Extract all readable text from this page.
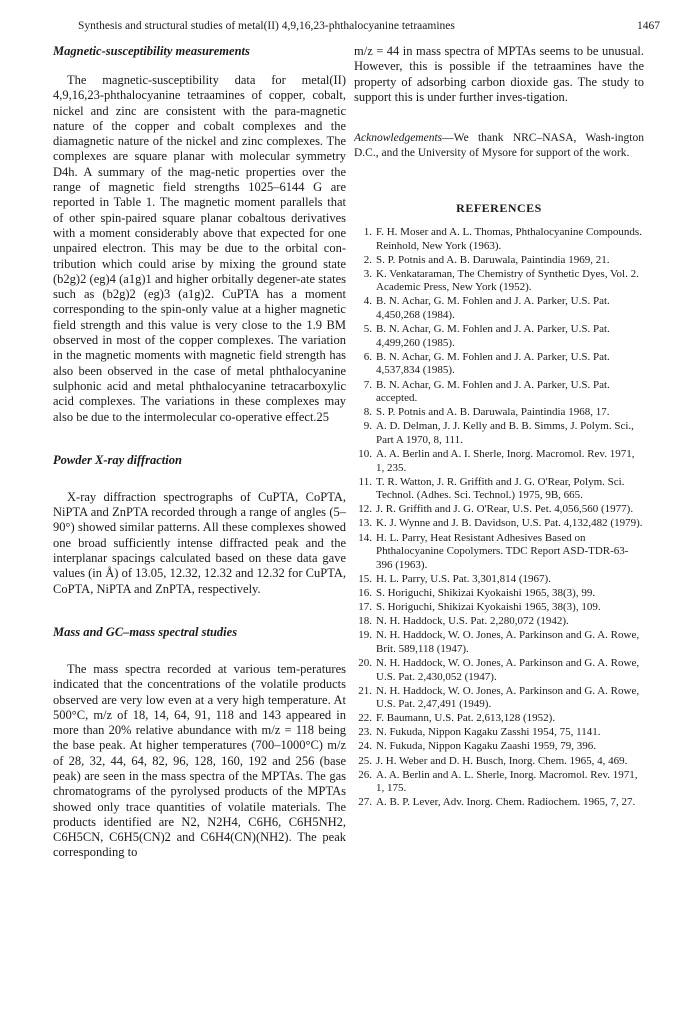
Synthesis and structural studies of metal(II) 4,9,16,23-phthalocyanine tetraamines	1467
Magnetic-susceptibility measurements

The magnetic-susceptibility data for metal(II) 4,9,16,23-phthalocyanine tetraamines of copper, cobalt, nickel and zinc are consistent with the para-magnetic nature of the copper and cobalt complexes and the diamagnetic nature of the nickel and zinc complexes. The complexes are square planar with molecular symmetry D4h. A summary of the mag-netic properties over the range of magnetic field strengths 1025–6144 G are reported in Table 1. The magnetic moment parallels that of other spin-paired square planar cobaltous derivatives with a moment considerably above that expected for one unpaired electron. This may be due to the orbital con-tribution which could arise by mixing the ground state (b2g)2 (eg)4 (a1g)1 and higher orbitally degener-ate states such as (b2g)2 (eg)3 (a1g)2. CuPTA has a moment corresponding to the spin-only value at a higher magnetic field strength and this value is very close to the 1.9 BM observed in most of the copper complexes. The variation in the magnetic moments with magnetic field strength has also been observed in the case of metal phthalocyanine sulphonic acid and metal phthalocyanine tetracarboxylic acid complexes. The variations in these complexes may also be due to the intermolecular co-operative effect.25

Powder X-ray diffraction

X-ray diffraction spectrographs of CuPTA, CoPTA, NiPTA and ZnPTA recorded through a range of angles (5–90°) showed similar patterns. All these complexes showed one broad sufficiently intense diffracted peak and the interplanar spacings calculated based on these data gave values (in Å) of 13.05, 12.32, 12.32 and 12.32 for CuPTA, CoPTA, NiPTA and ZnPTA, respectively.

Mass and GC–mass spectral studies

The mass spectra recorded at various tem-peratures indicated that the concentrations of the volatile products observed are very low even at a very high temperature. At 500°C, m/z of 18, 14, 64, 91, 118 and 143 appeared in more than 20% relative abundance with m/z = 118 being the base peak. At higher temperatures (700–1000°C) m/z of 28, 32, 44, 64, 82, 96, 128, 160, 192 and 256 (base peak) are seen in the mass spectra of the MPTAs. The gas chromatograms of the pyrolysed products of the MPTAs showed only trace quantities of volatile materials. The products identified are N2, N2H4, C6H6, C6H5NH2, C6H5CN, C6H5(CN)2 and C6H4(CN)(NH2). The peak corresponding to

m/z = 44 in mass spectra of MPTAs seems to be unusual. However, this is possible if the tetraamines have the property of adsorbing carbon dioxide gas. The study to support this is under further inves-tigation.

Acknowledgements—We thank NRC–NASA, Wash-ington D.C., and the University of Mysore for support of the work.

REFERENCES
1. F. H. Moser and A. L. Thomas, Phthalocyanine Compounds. Reinhold, New York (1963).
2. S. P. Potnis and A. B. Daruwala, Paintindia 1969, 21.
3. K. Venkataraman, The Chemistry of Synthetic Dyes, Vol. 2. Academic Press, New York (1952).
4. B. N. Achar, G. M. Fohlen and J. A. Parker, U.S. Pat. 4,450,268 (1984).
5. B. N. Achar, G. M. Fohlen and J. A. Parker, U.S. Pat. 4,499,260 (1985).
6. B. N. Achar, G. M. Fohlen and J. A. Parker, U.S. Pat. 4,537,834 (1985).
7. B. N. Achar, G. M. Fohlen and J. A. Parker, U.S. Pat. accepted.
8. S. P. Potnis and A. B. Daruwala, Paintindia 1968, 17.
9. A. D. Delman, J. J. Kelly and B. B. Simms, J. Polym. Sci., Part A 1970, 8, 111.
10. A. A. Berlin and A. I. Sherle, Inorg. Macromol. Rev. 1971, 1, 235.
11. T. R. Watton, J. R. Griffith and J. G. O'Rear, Polym. Sci. Technol. (Adhes. Sci. Technol.) 1975, 9B, 665.
12. J. R. Griffith and J. G. O'Rear, U.S. Pet. 4,056,560 (1977).
13. K. J. Wynne and J. B. Davidson, U.S. Pat. 4,132,482 (1979).
14. H. L. Parry, Heat Resistant Adhesives Based on Phthalocyanine Copolymers. TDC Report ASD-TDR-63-396 (1963).
15. H. L. Parry, U.S. Pat. 3,301,814 (1967).
16. S. Horiguchi, Shikizai Kyokaishi 1965, 38(3), 99.
17. S. Horiguchi, Shikizai Kyokaishi 1965, 38(3), 109.
18. N. H. Haddock, U.S. Pat. 2,280,072 (1942).
19. N. H. Haddock, W. O. Jones, A. Parkinson and G. A. Rowe, Brit. 589,118 (1947).
20. N. H. Haddock, W. O. Jones, A. Parkinson and G. A. Rowe, U.S. Pat. 2,430,052 (1947).
21. N. H. Haddock, W. O. Jones, A. Parkinson and G. A. Rowe, U.S. Pat. 2,47,491 (1949).
22. F. Baumann, U.S. Pat. 2,613,128 (1952).
23. N. Fukuda, Nippon Kagaku Zasshi 1954, 75, 1141.
24. N. Fukuda, Nippon Kagaku Zaashi 1959, 79, 396.
25. J. H. Weber and D. H. Busch, Inorg. Chem. 1965, 4, 469.
26. A. A. Berlin and A. L. Sherle, Inorg. Macromol. Rev. 1971, 1, 175.
27. A. B. P. Lever, Adv. Inorg. Chem. Radiochem. 1965, 7, 27.
